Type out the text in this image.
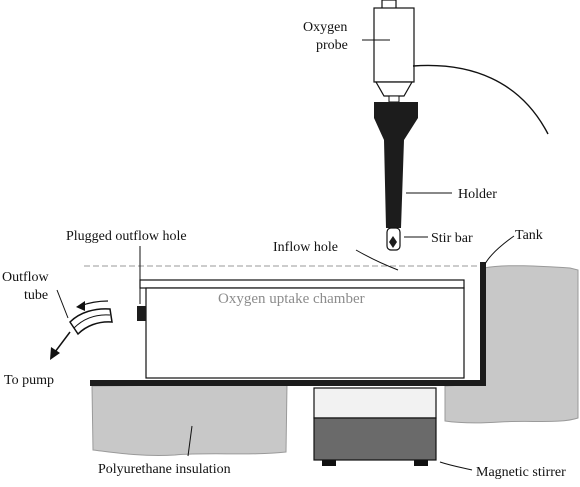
Oxygen uptake chamber
Oxygen
probe
Holder
Stir bar	Tank
Inflow hole
Plugged outflow hole
Outflow
tube
To pump
Polyurethane insulation	Magnetic stirrer
